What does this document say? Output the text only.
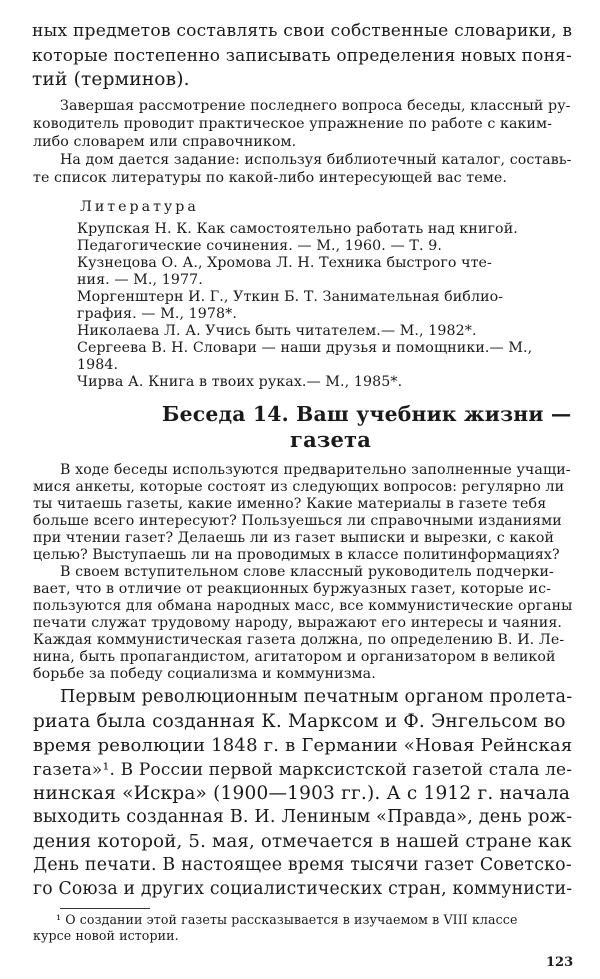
ных предметов составлять свои собственные словарики, в
которые постепенно записывать определения новых поня-
тий (терминов).
Завершая рассмотрение последнего вопроса беседы, классный ру-
ководитель проводит практическое упражнение по работе с каким-
либо словарем или справочником.
На дом дается задание: используя библиотечный каталог, составь-
те список литературы по какой-либо интересующей вас теме.
Литература
Крупская Н. К. Как самостоятельно работать над книгой.
Педагогические сочинения. — М., 1960. — Т. 9.
Кузнецова О. А., Хромова Л. Н. Техника быстрого чте-
ния. — М., 1977.
Моргенштерн И. Г., Уткин Б. Т. Занимательная библио-
графия. — М., 1978*.
Николаева Л. А. Учись быть читателем.— М., 1982*.
Сергеева В. Н. Словари — наши друзья и помощники.— М.,
1984.
Чирва А. Книга в твоих руках.— М., 1985*.
Беседа 14. Ваш учебник жизни —
газета
В ходе беседы используются предварительно заполненные учащи-
мися анкеты, которые состоят из следующих вопросов: регулярно ли
ты читаешь газеты, какие именно? Какие материалы в газете тебя
больше всего интересуют? Пользуешься ли справочными изданиями
при чтении газет? Делаешь ли из газет выписки и вырезки, с какой
целью? Выступаешь ли на проводимых в классе политинформациях?
В своем вступительном слове классный руководитель подчерки-
вает, что в отличие от реакционных буржуазных газет, которые ис-
пользуются для обмана народных масс, все коммунистические органы
печати служат трудовому народу, выражают его интересы и чаяния.
Каждая коммунистическая газета должна, по определению В. И. Ле-
нина, быть пропагандистом, агитатором и организатором в великой
борьбе за победу социализма и коммунизма.
Первым революционным печатным органом пролета-
риата была созданная К. Марксом и Ф. Энгельсом во
время революции 1848 г. в Германии «Новая Рейнская
газета»¹. В России первой марксистской газетой стала ле-
нинская «Искра» (1900—1903 гг.). А с 1912 г. начала
выходить созданная В. И. Лениным «Правда», день рож-
дения которой, 5. мая, отмечается в нашей стране как
День печати. В настоящее время тысячи газет Советско-
го Союза и других социалистических стран, коммунисти-
¹ О создании этой газеты рассказывается в изучаемом в VIII классе
курсе новой истории.
123
